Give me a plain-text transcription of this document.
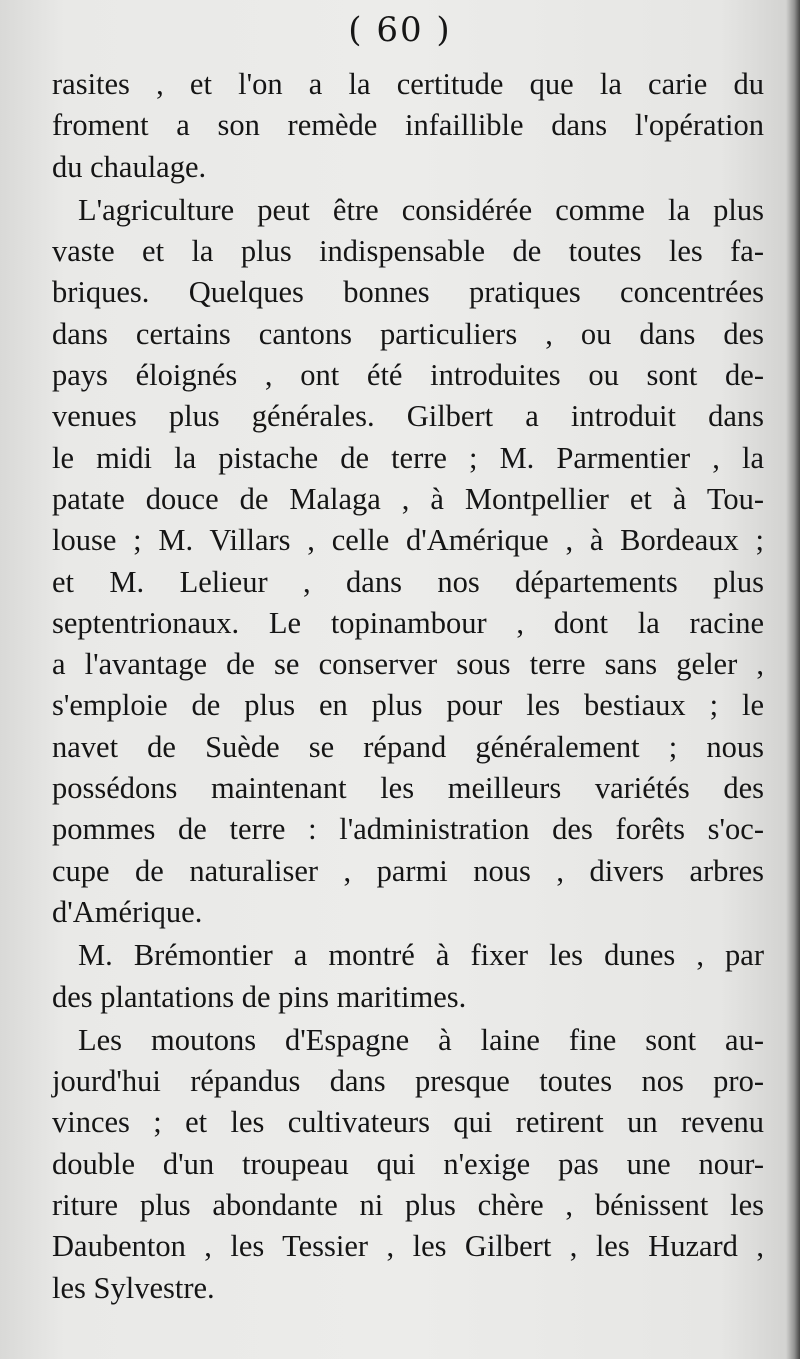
( 60 )
rasites , et l'on a la certitude que la carie du
froment a son remède infaillible dans l'opération
du chaulage.
L'agriculture peut être considérée comme la plus
vaste et la plus indispensable de toutes les fa-
briques. Quelques bonnes pratiques concentrées
dans certains cantons particuliers , ou dans des
pays éloignés , ont été introduites ou sont de-
venues plus générales. Gilbert a introduit dans
le midi la pistache de terre ; M. Parmentier , la
patate douce de Malaga , à Montpellier et à Tou-
louse ; M. Villars , celle d'Amérique , à Bordeaux ;
et M. Lelieur , dans nos départements plus
septentrionaux. Le topinambour , dont la racine
a l'avantage de se conserver sous terre sans geler ,
s'emploie de plus en plus pour les bestiaux ; le
navet de Suède se répand généralement ; nous
possédons maintenant les meilleurs variétés des
pommes de terre : l'administration des forêts s'oc-
cupe de naturaliser , parmi nous , divers arbres
d'Amérique.
M. Brémontier a montré à fixer les dunes , par
des plantations de pins maritimes.
Les moutons d'Espagne à laine fine sont au-
jourd'hui répandus dans presque toutes nos pro-
vinces ; et les cultivateurs qui retirent un revenu
double d'un troupeau qui n'exige pas une nour-
riture plus abondante ni plus chère , bénissent les
Daubenton , les Tessier , les Gilbert , les Huzard ,
les Sylvestre.
